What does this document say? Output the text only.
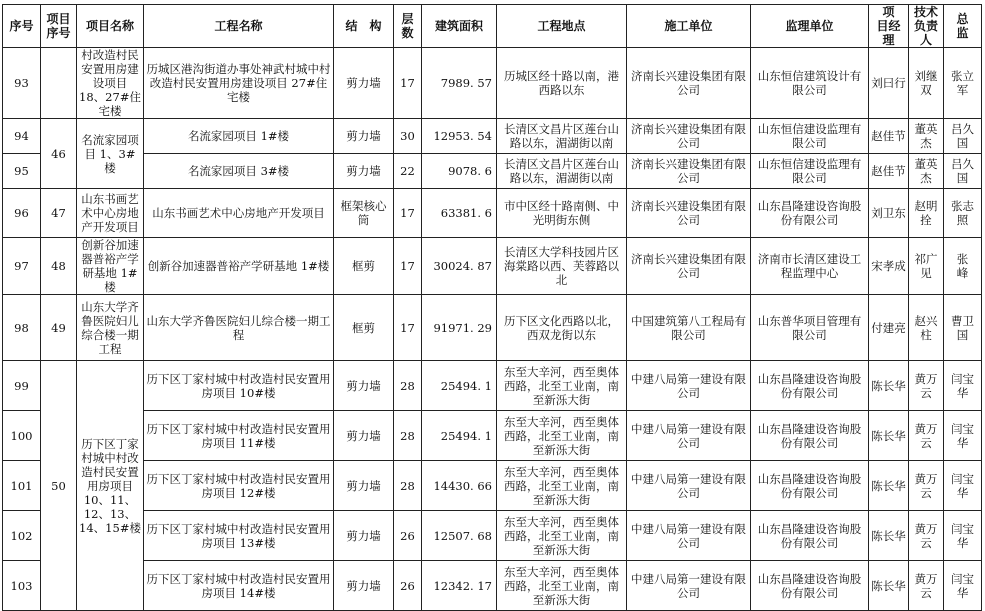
序号	项目序号	项目名称	工程名称	结　构	层数	建筑面积	工程地点	施工单位	监理单位	项　目经　理	技术负责人	总　监
93		村改造村民安置用房建设项目 18、27#住宅楼	历城区港沟街道办事处神武村城中村改造村民安置用房建设项目 27#住宅楼	剪力墙	17	7989. 57	历城区经十路以南，港西路以东	济南长兴建设集团有限公司	山东恒信建筑设计有限公司	刘曰行	刘继双	张立军
94	46	名流家园项目 1、3#楼	名流家园项目 1#楼	剪力墙	30	12953. 54	长清区文昌片区莲台山路以东，湄湖街以南	济南长兴建设集团有限公司	山东恒信建设监理有限公司	赵佳节	董英杰	吕久国
95			名流家园项目 3#楼	剪力墙	22	9078. 6	长清区文昌片区莲台山路以东，湄湖街以南	济南长兴建设集团有限公司	山东恒信建设监理有限公司	赵佳节	董英杰	吕久国
96	47	山东书画艺术中心房地产开发项目	山东书画艺术中心房地产开发项目	框架核心筒	17	63381. 6	市中区经十路南侧、中光明街东侧	济南长兴建设集团有限公司	山东昌隆建设咨询股份有限公司	刘卫东	赵明拴	张志照
97	48	创新谷加速器普裕产学研基地 1#楼	创新谷加速器普裕产学研基地 1#楼	框剪	17	30024. 87	长清区大学科技园片区海棠路以西、芙蓉路以北	济南长兴建设集团有限公司	济南市长清区建设工程监理中心	宋孝成	祁广见	张　峰
98	49	山东大学齐鲁医院妇儿综合楼一期工程	山东大学齐鲁医院妇儿综合楼一期工程	框剪	17	91971. 29	历下区文化西路以北，西双龙街以东	中国建筑第八工程局有限公司	山东普华项目管理有限公司	付建亮	赵兴柱	曹卫国
99	50	历下区丁家村城中村改造村民安置用房项目 10、11、12、13、14、15#楼	历下区丁家村城中村改造村民安置用房项目 10#楼	剪力墙	28	25494. 1	东至大辛河，西至奥体西路，北至工业南，南至新泺大街	中建八局第一建设有限公司	山东昌隆建设咨询股份有限公司	陈长华	黄万云	闫宝华
100			历下区丁家村城中村改造村民安置用房项目 11#楼	剪力墙	28	25494. 1	东至大辛河，西至奥体西路，北至工业南，南至新泺大街	中建八局第一建设有限公司	山东昌隆建设咨询股份有限公司	陈长华	黄万云	闫宝华
101			历下区丁家村城中村改造村民安置用房项目 12#楼	剪力墙	28	14430. 66	东至大辛河，西至奥体西路，北至工业南，南至新泺大街	中建八局第一建设有限公司	山东昌隆建设咨询股份有限公司	陈长华	黄万云	闫宝华
102			历下区丁家村城中村改造村民安置用房项目 13#楼	剪力墙	26	12507. 68	东至大辛河，西至奥体西路，北至工业南，南至新泺大街	中建八局第一建设有限公司	山东昌隆建设咨询股份有限公司	陈长华	黄万云	闫宝华
103			历下区丁家村城中村改造村民安置用房项目 14#楼	剪力墙	26	12342. 17	东至大辛河，西至奥体西路，北至工业南，南至新泺大街	中建八局第一建设有限公司	山东昌隆建设咨询股份有限公司	陈长华	黄万云	闫宝华
